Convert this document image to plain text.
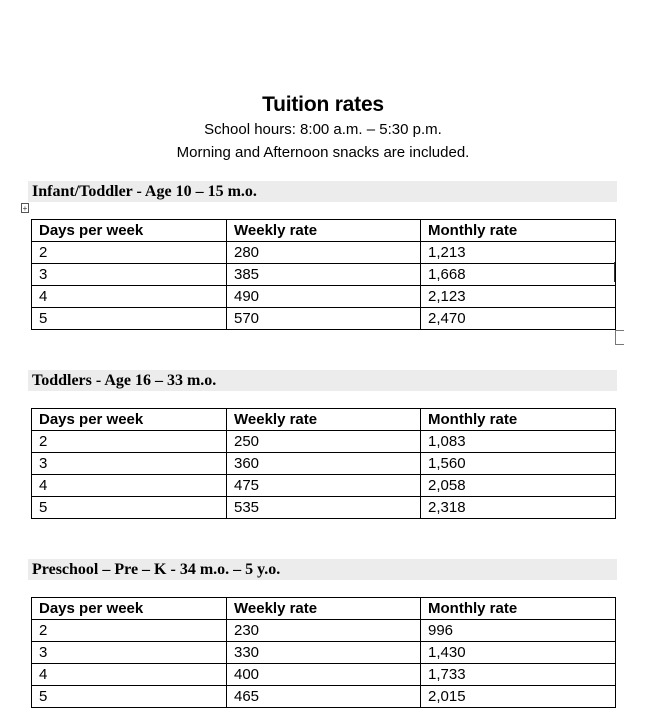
Tuition rates
School hours: 8:00 a.m. – 5:30 p.m.
Morning and Afternoon snacks are included.
Infant/Toddler - Age 10 – 15 m.o.
+
Days per week	Weekly rate	Monthly rate
2	280	1,213
3	385	1,668
4	490	2,123
5	570	2,470
Toddlers - Age 16 – 33 m.o.
Days per week	Weekly rate	Monthly rate
2	250	1,083
3	360	1,560
4	475	2,058
5	535	2,318
Preschool – Pre – K - 34 m.o. – 5 y.o.
Days per week	Weekly rate	Monthly rate
2	230	996
3	330	1,430
4	400	1,733
5	465	2,015
